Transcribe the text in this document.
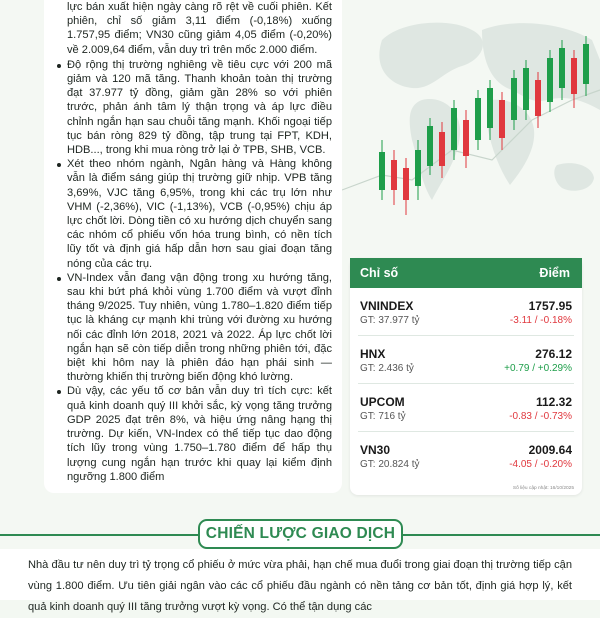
lực bán xuất hiện ngày càng rõ rệt về cuối phiên. Kết phiên, chỉ số giảm 3,11 điểm (-0,18%) xuống 1.757,95 điểm; VN30 cũng giảm 4,05 điểm (-0,20%) về 2.009,64 điểm, vẫn duy trì trên mốc 2.000 điểm.

Độ rộng thị trường nghiêng về tiêu cực với 200 mã giảm và 120 mã tăng. Thanh khoản toàn thị trường đạt 37.977 tỷ đồng, giảm gần 28% so với phiên trước, phản ánh tâm lý thận trọng và áp lực điều chỉnh ngắn hạn sau chuỗi tăng mạnh. Khối ngoại tiếp tục bán ròng 829 tỷ đồng, tập trung tại FPT, KDH, HDB..., trong khi mua ròng trở lại ở TPB, SHB, VCB.
Xét theo nhóm ngành, Ngân hàng và Hàng không vẫn là điểm sáng giúp thị trường giữ nhịp. VPB tăng 3,69%, VJC tăng 6,95%, trong khi các trụ lớn như VHM (-2,36%), VIC (-1,13%), VCB (-0,95%) chịu áp lực chốt lời. Dòng tiền có xu hướng dịch chuyển sang các nhóm cổ phiếu vốn hóa trung bình, có nền tích lũy tốt và định giá hấp dẫn hơn sau giai đoạn tăng nóng của các trụ.
VN-Index vẫn đang vận động trong xu hướng tăng, sau khi bứt phá khỏi vùng 1.700 điểm và vượt đỉnh tháng 9/2025. Tuy nhiên, vùng 1.780–1.820 điểm tiếp tục là kháng cự mạnh khi trùng với đường xu hướng nối các đỉnh lớn 2018, 2021 và 2022. Áp lực chốt lời ngắn hạn sẽ còn tiếp diễn trong những phiên tới, đặc biệt khi hôm nay là phiên đáo hạn phái sinh — thường khiến thị trường biến động khó lường.
Dù vậy, các yếu tố cơ bản vẫn duy trì tích cực: kết quả kinh doanh quý III khởi sắc, kỳ vọng tăng trưởng GDP 2025 đạt trên 8%, và hiệu ứng nâng hạng thị trường. Dự kiến, VN-Index có thể tiếp tục dao động tích lũy trong vùng 1.750–1.780 điểm để hấp thụ lượng cung ngắn hạn trước khi quay lại kiểm định ngưỡng 1.800 điểm
Chỉ số	Điểm
VNINDEX	1757.95
GT: 37.977 tỷ	-3.11 / -0.18%
HNX	276.12
GT: 2.436 tỷ	+0.79 / +0.29%
UPCOM	112.32
GT: 716 tỷ	-0.83 / -0.73%
VN30	2009.64
GT: 20.824 tỷ	-4.05 / -0.20%
Số liệu cập nhật: 16/10/2025
CHIẾN LƯỢC GIAO DỊCH
Nhà đầu tư nên duy trì tỷ trọng cổ phiếu ở mức vừa phải, hạn chế mua đuổi trong giai đoạn thị trường tiếp cận vùng 1.800 điểm. Ưu tiên giải ngân vào các cổ phiếu đầu ngành có nền tảng cơ bản tốt, định giá hợp lý, kết quả kinh doanh quý III tăng trưởng vượt kỳ vọng. Có thể tận dụng các
